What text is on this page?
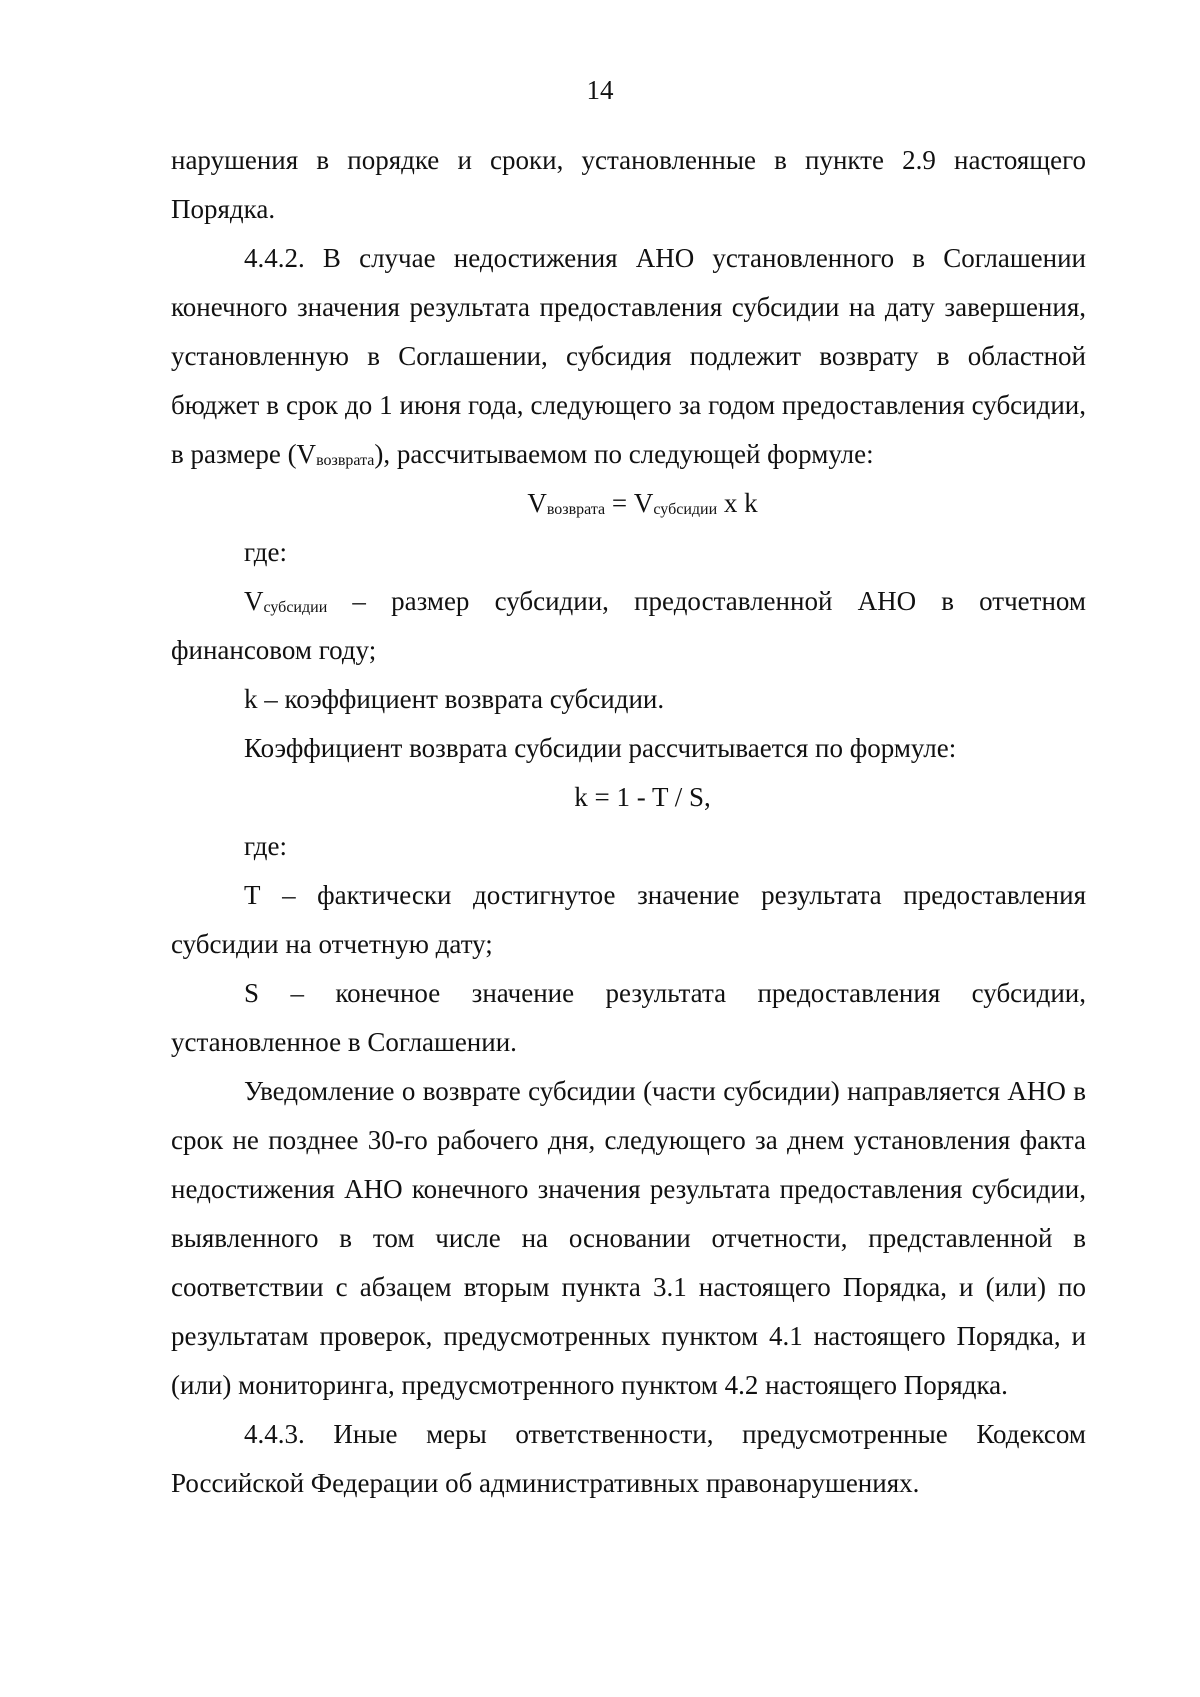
14

нарушения в порядке и сроки, установленные в пункте 2.9 настоящего Порядка.

4.4.2. В случае недостижения АНО установленного в Соглашении конечного значения результата предоставления субсидии на дату завершения, установленную в Соглашении, субсидия подлежит возврату в областной бюджет в срок до 1 июня года, следующего за годом предоставления субсидии, в размере $(V_{возврата})$, рассчитываемом по следующей формуле:

$V_{возврата} = V_{субсидии}$ x k

где:

$V_{субсидии}$ – размер субсидии, предоставленной АНО в отчетном финансовом году;

k – коэффициент возврата субсидии.

Коэффициент возврата субсидии рассчитывается по формуле:

k = 1 - T / S,

где:

Т – фактически достигнутое значение результата предоставления субсидии на отчетную дату;

S – конечное значение результата предоставления субсидии, установленное в Соглашении.

Уведомление о возврате субсидии (части субсидии) направляется АНО в срок не позднее 30-го рабочего дня, следующего за днем установления факта недостижения АНО конечного значения результата предоставления субсидии, выявленного в том числе на основании отчетности, представленной в соответствии с абзацем вторым пункта 3.1 настоящего Порядка, и (или) по результатам проверок, предусмотренных пунктом 4.1 настоящего Порядка, и (или) мониторинга, предусмотренного пунктом 4.2 настоящего Порядка.

4.4.3. Иные меры ответственности, предусмотренные Кодексом Российской Федерации об административных правонарушениях.
